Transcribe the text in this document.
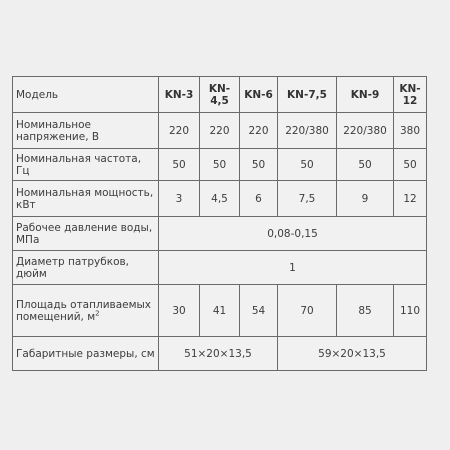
Модель	KN-3	KN-4,5	KN-6	KN-7,5	KN-9	KN-12
Номинальное напряжение, В	220	220	220	220/380	220/380	380
Номинальная частота, Гц	50	50	50	50	50	50
Номинальная мощность, кВт	3	4,5	6	7,5	9	12
Рабочее давление воды, МПа	0,08-0,15					
Диаметр патрубков, дюйм	1					
Площадь отапливаемых помещений, $м^2$	30	41	54	70	85	110
Габаритные размеры, см	51×20×13,5			59×20×13,5		
